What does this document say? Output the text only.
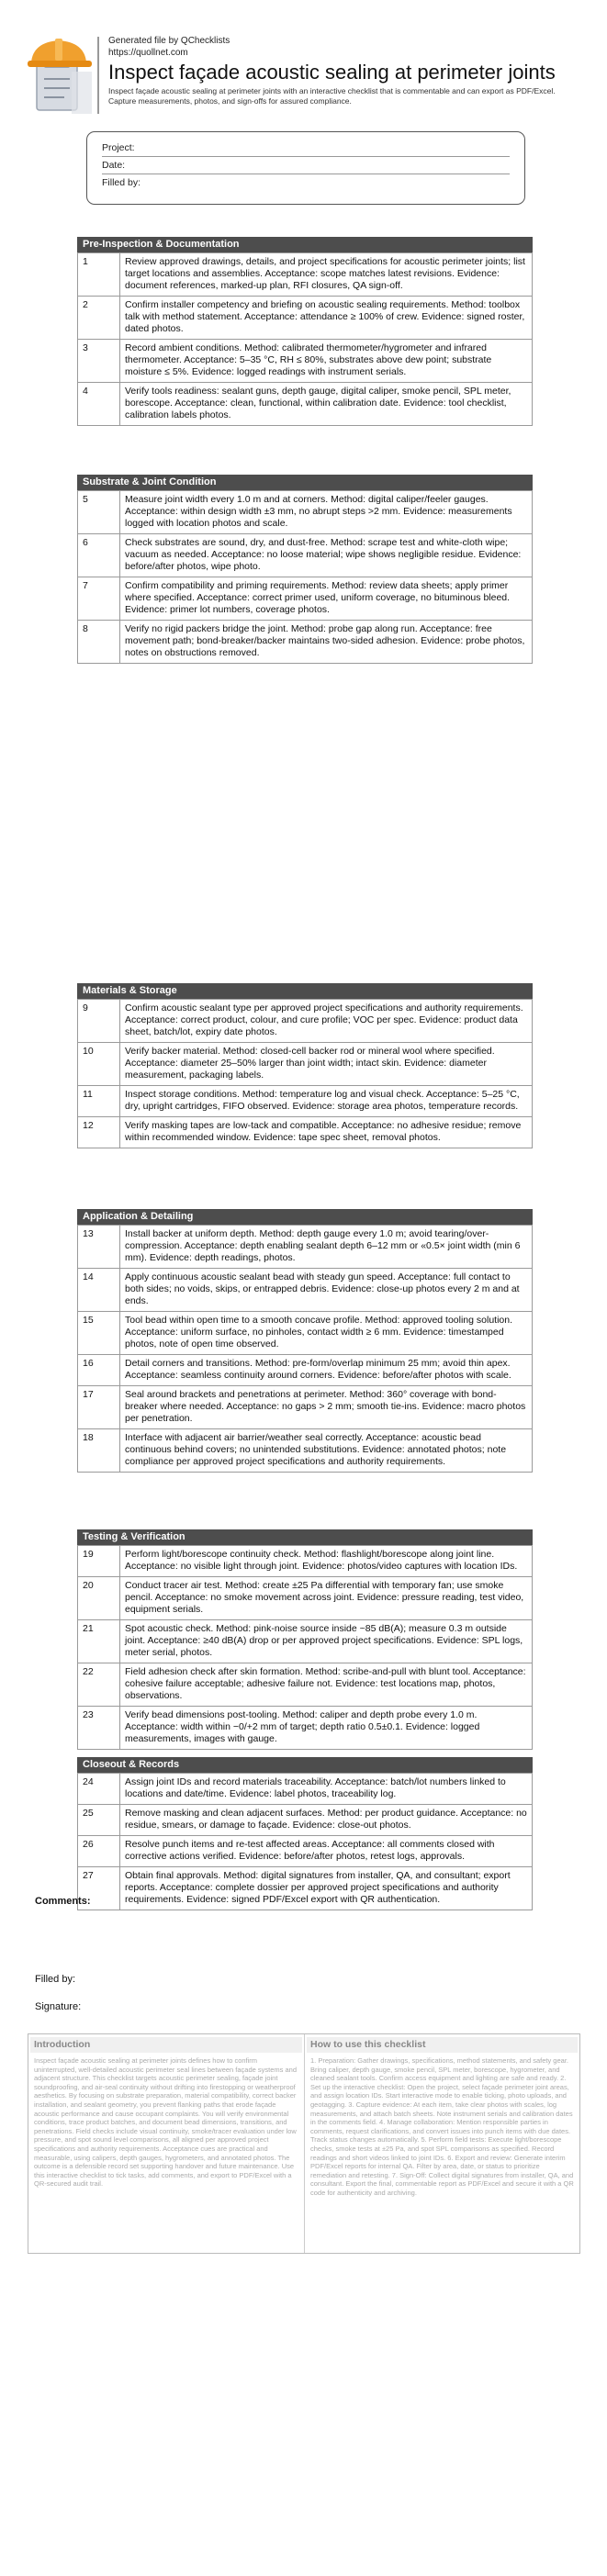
Generated file by QChecklists
https://quollnet.com
Inspect façade acoustic sealing at perimeter joints
Inspect façade acoustic sealing at perimeter joints with an interactive checklist that is commentable and can export as PDF/Excel. Capture measurements, photos, and sign-offs for assured compliance.
Project:
Date:
Filled by:
Pre-Inspection & Documentation
1	Review approved drawings, details, and project specifications for acoustic perimeter joints; list target locations and assemblies. Acceptance: scope matches latest revisions. Evidence: document references, marked-up plan, RFI closures, QA sign-off.
2	Confirm installer competency and briefing on acoustic sealing requirements. Method: toolbox talk with method statement. Acceptance: attendance ≥ 100% of crew. Evidence: signed roster, dated photos.
3	Record ambient conditions. Method: calibrated thermometer/hygrometer and infrared thermometer. Acceptance: 5–35 °C, RH ≤ 80%, substrates above dew point; substrate moisture ≤ 5%. Evidence: logged readings with instrument serials.
4	Verify tools readiness: sealant guns, depth gauge, digital caliper, smoke pencil, SPL meter, borescope. Acceptance: clean, functional, within calibration date. Evidence: tool checklist, calibration labels photos.
Substrate & Joint Condition
5	Measure joint width every 1.0 m and at corners. Method: digital caliper/feeler gauges. Acceptance: within design width ±3 mm, no abrupt steps >2 mm. Evidence: measurements logged with location photos and scale.
6	Check substrates are sound, dry, and dust-free. Method: scrape test and white-cloth wipe; vacuum as needed. Acceptance: no loose material; wipe shows negligible residue. Evidence: before/after photos, wipe photo.
7	Confirm compatibility and priming requirements. Method: review data sheets; apply primer where specified. Acceptance: correct primer used, uniform coverage, no bituminous bleed. Evidence: primer lot numbers, coverage photos.
8	Verify no rigid packers bridge the joint. Method: probe gap along run. Acceptance: free movement path; bond-breaker/backer maintains two-sided adhesion. Evidence: probe photos, notes on obstructions removed.
Materials & Storage
9	Confirm acoustic sealant type per approved project specifications and authority requirements. Acceptance: correct product, colour, and cure profile; VOC per spec. Evidence: product data sheet, batch/lot, expiry date photos.
10	Verify backer material. Method: closed-cell backer rod or mineral wool where specified. Acceptance: diameter 25–50% larger than joint width; intact skin. Evidence: diameter measurement, packaging labels.
11	Inspect storage conditions. Method: temperature log and visual check. Acceptance: 5–25 °C, dry, upright cartridges, FIFO observed. Evidence: storage area photos, temperature records.
12	Verify masking tapes are low-tack and compatible. Acceptance: no adhesive residue; remove within recommended window. Evidence: tape spec sheet, removal photos.
Application & Detailing
13	Install backer at uniform depth. Method: depth gauge every 1.0 m; avoid tearing/over-compression. Acceptance: depth enabling sealant depth 6–12 mm or «0.5× joint width (min 6 mm). Evidence: depth readings, photos.
14	Apply continuous acoustic sealant bead with steady gun speed. Acceptance: full contact to both sides; no voids, skips, or entrapped debris. Evidence: close-up photos every 2 m and at ends.
15	Tool bead within open time to a smooth concave profile. Method: approved tooling solution. Acceptance: uniform surface, no pinholes, contact width ≥ 6 mm. Evidence: timestamped photos, note of open time observed.
16	Detail corners and transitions. Method: pre-form/overlap minimum 25 mm; avoid thin apex. Acceptance: seamless continuity around corners. Evidence: before/after photos with scale.
17	Seal around brackets and penetrations at perimeter. Method: 360° coverage with bond-breaker where needed. Acceptance: no gaps > 2 mm; smooth tie-ins. Evidence: macro photos per penetration.
18	Interface with adjacent air barrier/weather seal correctly. Acceptance: acoustic bead continuous behind covers; no unintended substitutions. Evidence: annotated photos; note compliance per approved project specifications and authority requirements.
Testing & Verification
19	Perform light/borescope continuity check. Method: flashlight/borescope along joint line. Acceptance: no visible light through joint. Evidence: photos/video captures with location IDs.
20	Conduct tracer air test. Method: create ±25 Pa differential with temporary fan; use smoke pencil. Acceptance: no smoke movement across joint. Evidence: pressure reading, test video, equipment serials.
21	Spot acoustic check. Method: pink-noise source inside ~85 dB(A); measure 0.3 m outside joint. Acceptance: ≥40 dB(A) drop or per approved project specifications. Evidence: SPL logs, meter serial, photos.
22	Field adhesion check after skin formation. Method: scribe-and-pull with blunt tool. Acceptance: cohesive failure acceptable; adhesive failure not. Evidence: test locations map, photos, observations.
23	Verify bead dimensions post-tooling. Method: caliper and depth probe every 1.0 m. Acceptance: width within −0/+2 mm of target; depth ratio 0.5±0.1. Evidence: logged measurements, images with gauge.
Closeout & Records
24	Assign joint IDs and record materials traceability. Acceptance: batch/lot numbers linked to locations and date/time. Evidence: label photos, traceability log.
25	Remove masking and clean adjacent surfaces. Method: per product guidance. Acceptance: no residue, smears, or damage to façade. Evidence: close-out photos.
26	Resolve punch items and re-test affected areas. Acceptance: all comments closed with corrective actions verified. Evidence: before/after photos, retest logs, approvals.
27	Obtain final approvals. Method: digital signatures from installer, QA, and consultant; export reports. Acceptance: complete dossier per approved project specifications and authority requirements. Evidence: signed PDF/Excel export with QR authentication.
Comments:
Filled by:
Signature:
Introduction
Inspect façade acoustic sealing at perimeter joints defines how to confirm uninterrupted, well-detailed acoustic perimeter seal lines between façade systems and adjacent structure. This checklist targets acoustic perimeter sealing, façade joint soundproofing, and air-seal continuity without drifting into firestopping or weatherproof aesthetics. By focusing on substrate preparation, material compatibility, correct backer installation, and sealant geometry, you prevent flanking paths that erode façade acoustic performance and cause occupant complaints. You will verify environmental conditions, trace product batches, and document bead dimensions, transitions, and penetrations. Field checks include visual continuity, smoke/tracer evaluation under low pressure, and spot sound level comparisons, all aligned per approved project specifications and authority requirements. Acceptance cues are practical and measurable, using calipers, depth gauges, hygrometers, and annotated photos. The outcome is a defensible record set supporting handover and future maintenance. Use this interactive checklist to tick tasks, add comments, and export to PDF/Excel with a QR-secured audit trail.
How to use this checklist
1. Preparation: Gather drawings, specifications, method statements, and safety gear. Bring caliper, depth gauge, smoke pencil, SPL meter, borescope, hygrometer, and cleaned sealant tools. Confirm access equipment and lighting are safe and ready. 2. Set up the interactive checklist: Open the project, select façade perimeter joint areas, and assign location IDs. Start interactive mode to enable ticking, photo uploads, and geotagging. 3. Capture evidence: At each item, take clear photos with scales, log measurements, and attach batch sheets. Note instrument serials and calibration dates in the comments field. 4. Manage collaboration: Mention responsible parties in comments, request clarifications, and convert issues into punch items with due dates. Track status changes automatically. 5. Perform field tests: Execute light/borescope checks, smoke tests at ±25 Pa, and spot SPL comparisons as specified. Record readings and short videos linked to joint IDs. 6. Export and review: Generate interim PDF/Excel reports for internal QA. Filter by area, date, or status to prioritize remediation and retesting. 7. Sign-Off: Collect digital signatures from installer, QA, and consultant. Export the final, commentable report as PDF/Excel and secure it with a QR code for authenticity and archiving.
